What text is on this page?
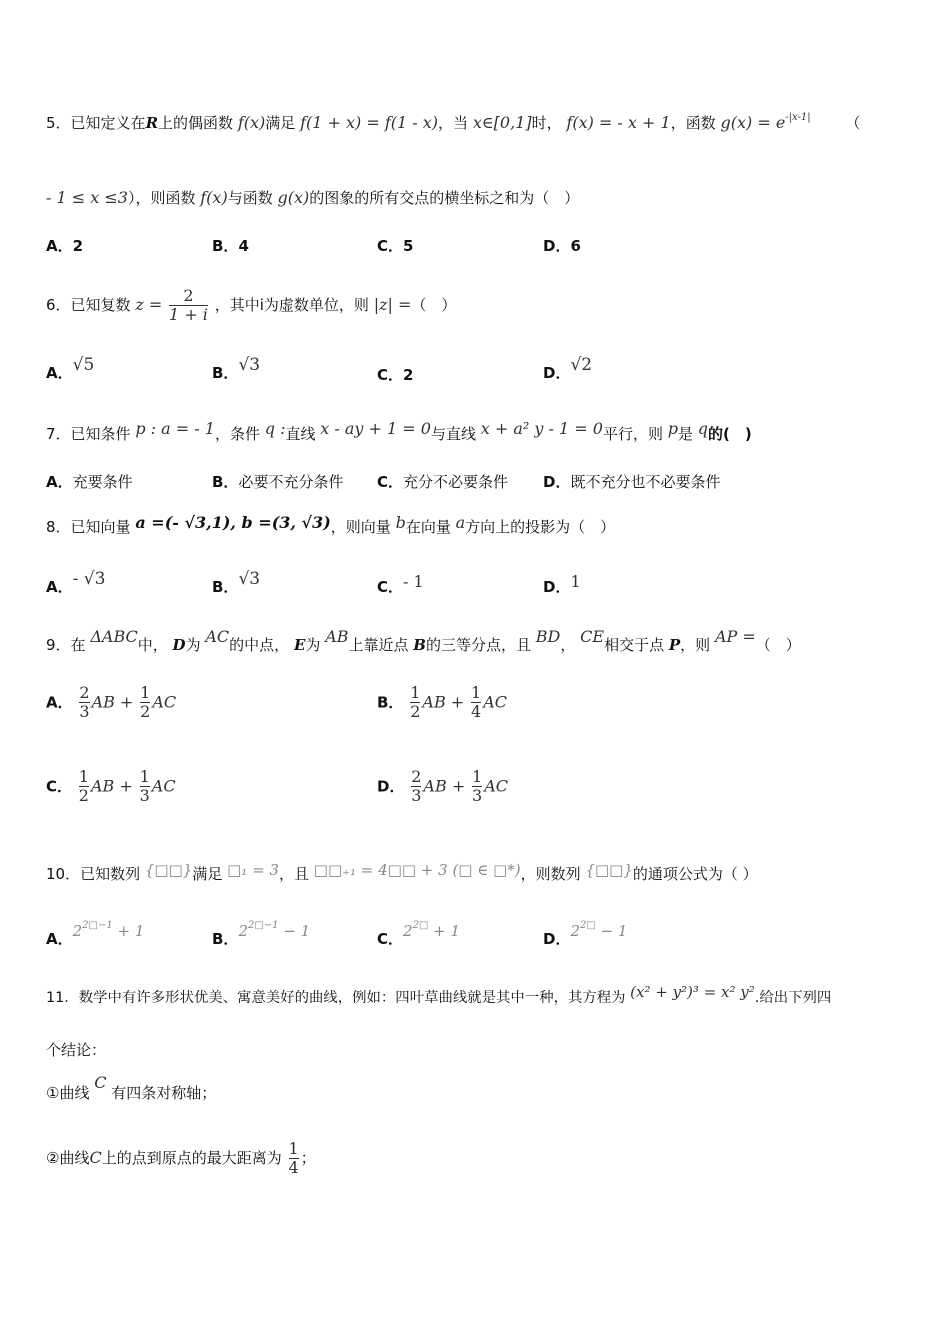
5．已知定义在R上的偶函数 f(x)满足 f(1 + x) = f(1 - x)，当 x∈[0,1]时， f(x) = - x + 1，函数 $g(x) = e^{-|x-1|}$ （
- 1 ≤ x ≤3），则函数 f(x)与函数 g(x)的图象的所有交点的横坐标之和为（　）
A．2	B．4	C．5	D．6
6．已知复数 $z = \frac{2}{1 + i}$ ，其中i为虚数单位，则 |z| =（　）
A．√5	B．√3	C．2	D．√2
7．已知条件 p : a = - 1，条件 q :直线 x - ay + 1 = 0与直线 x + a² y - 1 = 0平行，则 p是 q的(　)
A．充要条件	B．必要不充分条件 C．充分不必要条件 D．既不充分也不必要条件
8．已知向量 a =(- √3,1), b =(3, √3)，则向量 b在向量 a方向上的投影为（　）
A．- √3	B．√3	C．- 1	D．1
9．在 ΔABC中， D为 AC的中点， E为 AB上靠近点 B的三等分点，且 BD， CE相交于点 P，则 AP =（　）
A． $\frac{2}{3}$ AB + $\frac{1}{2}$ AC	B． $\frac{1}{2}$ AB + $\frac{1}{4}$ AC
C． $\frac{1}{2}$ AB + $\frac{1}{3}$ AC	D． $\frac{2}{3}$ AB + $\frac{1}{3}$ AC
10．已知数列 {□□}满足 □₁ = 3，且 □□₊₁ = 4□□ + 3 (□ ∈ □*)，则数列 {□□}的通项公式为（ ）
A．$2^{2□-1} + 1$	B．$2^{2□-1} - 1$	C．$2^{2□} + 1$	D．$2^{2□} - 1$
11．数学中有许多形状优美、寓意美好的曲线，例如：四叶草曲线就是其中一种，其方程为 (x² + y²)³ = x² y².给出下列四
个结论：
①曲线 C 有四条对称轴；
②曲线C上的点到原点的最大距离为 $\frac{1}{4}$ ；
